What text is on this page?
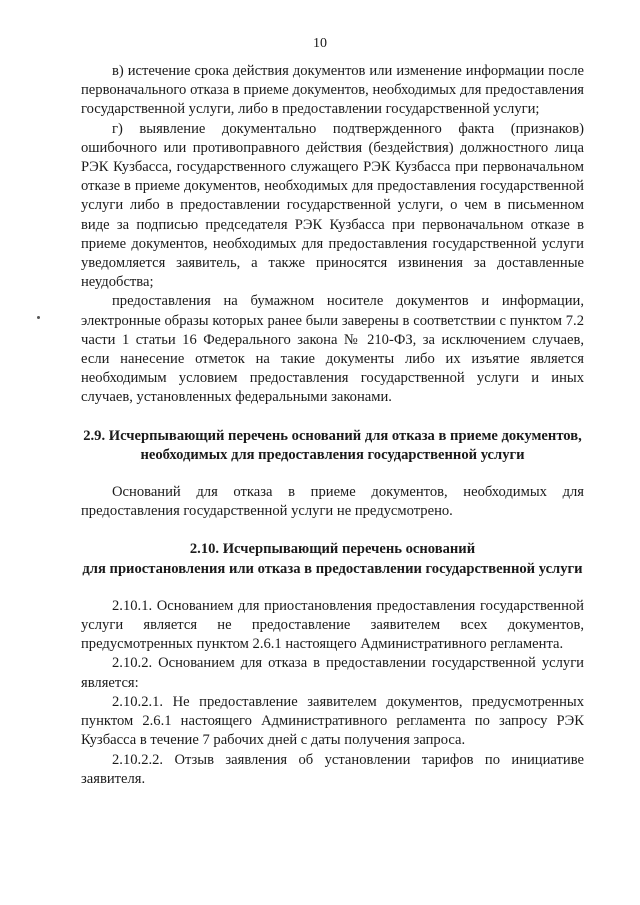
10

в) истечение срока действия документов или изменение информации после первоначального отказа в приеме документов, необходимых для предоставления государственной услуги, либо в предоставлении государственной услуги;

г) выявление документально подтвержденного факта (признаков) ошибочного или противоправного действия (бездействия) должностного лица РЭК Кузбасса, государственного служащего РЭК Кузбасса при первоначальном отказе в приеме документов, необходимых для предоставления государственной услуги либо в предоставлении государственной услуги, о чем в письменном виде за подписью председателя РЭК Кузбасса при первоначальном отказе в приеме документов, необходимых для предоставления государственной услуги уведомляется заявитель, а также приносятся извинения за доставленные неудобства;

предоставления на бумажном носителе документов и информации, электронные образы которых ранее были заверены в соответствии с пунктом 7.2 части 1 статьи 16 Федерального закона № 210-ФЗ, за исключением случаев, если нанесение отметок на такие документы либо их изъятие является необходимым условием предоставления государственной услуги и иных случаев, установленных федеральными законами.

2.9. Исчерпывающий перечень оснований для отказа в приеме документов, необходимых для предоставления государственной услуги

Оснований для отказа в приеме документов, необходимых для предоставления государственной услуги не предусмотрено.

2.10. Исчерпывающий перечень оснований

для приостановления или отказа в предоставлении государственной услуги

2.10.1. Основанием для приостановления предоставления государственной услуги является не предоставление заявителем всех документов, предусмотренных пунктом 2.6.1 настоящего Административного регламента.

2.10.2. Основанием для отказа в предоставлении государственной услуги является:

2.10.2.1. Не предоставление заявителем документов, предусмотренных пунктом 2.6.1 настоящего Административного регламента по запросу РЭК Кузбасса в течение 7 рабочих дней с даты получения запроса.

2.10.2.2. Отзыв заявления об установлении тарифов по инициативе заявителя.
